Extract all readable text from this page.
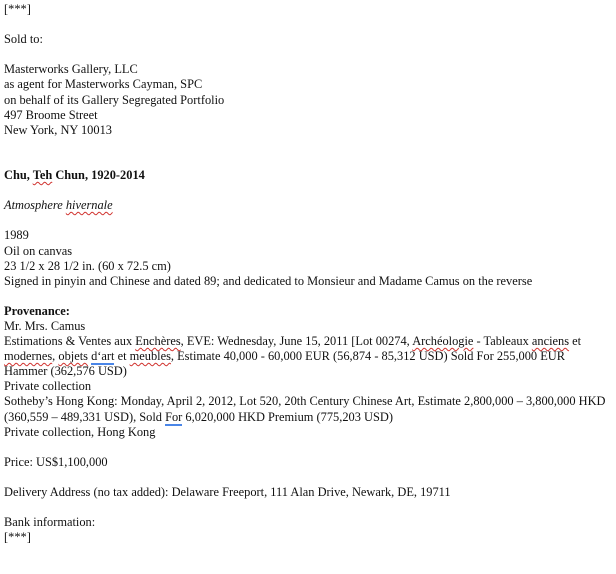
[***]
Sold to:
Masterworks Gallery, LLC
as agent for Masterworks Cayman, SPC
on behalf of its Gallery Segregated Portfolio
497 Broome Street
New York, NY 10013
Chu, Teh Chun, 1920-2014
Atmosphere hivernale
1989
Oil on canvas
23 1/2 x 28 1/2 in. (60 x 72.5 cm)
Signed in pinyin and Chinese and dated 89; and dedicated to Monsieur and Madame Camus on the reverse
Provenance:
Mr. Mrs. Camus
Estimations & Ventes aux Enchères, EVE: Wednesday, June 15, 2011 [Lot 00274, Archéologie - Tableaux anciens et modernes, objets d‘art et meubles, Estimate 40,000 - 60,000 EUR (56,874 - 85,312 USD) Sold For 255,000 EUR Hammer (362,576 USD)
Private collection
Sotheby’s Hong Kong: Monday, April 2, 2012, Lot 520, 20th Century Chinese Art, Estimate 2,800,000 – 3,800,000 HKD (360,559 – 489,331 USD), Sold For 6,020,000 HKD Premium (775,203 USD)
Private collection, Hong Kong
Price: US$1,100,000
Delivery Address (no tax added): Delaware Freeport, 111 Alan Drive, Newark, DE, 19711
Bank information:
[***]
